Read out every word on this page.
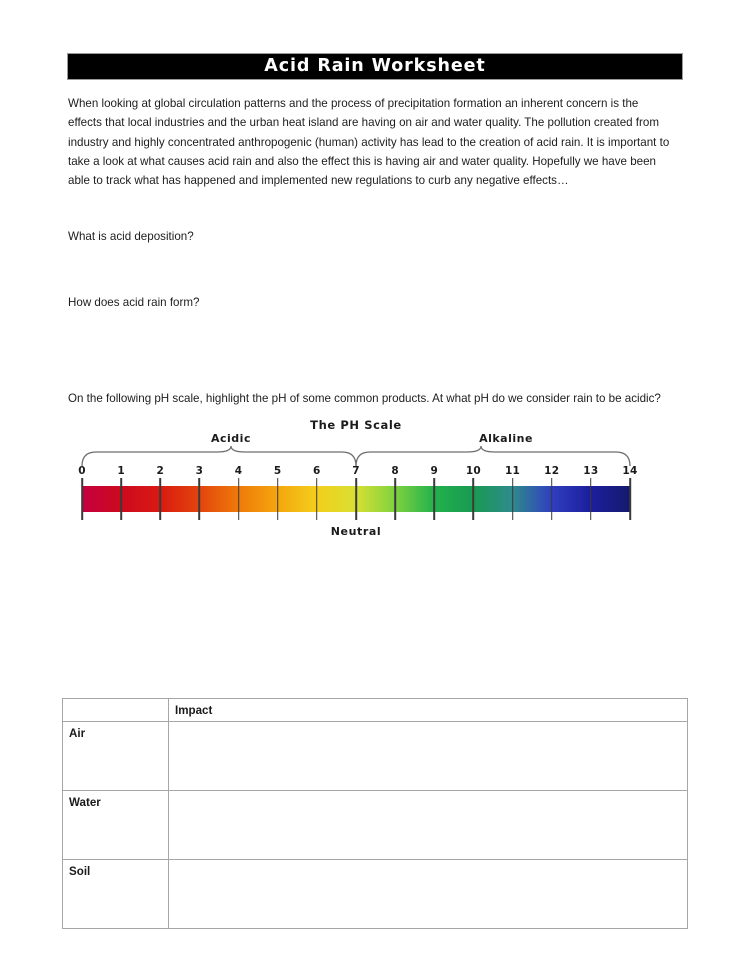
Acid Rain Worksheet
When looking at global circulation patterns and the process of precipitation formation an inherent concern is the effects that local industries and the urban heat island are having on air and water quality. The pollution created from industry and highly concentrated anthropogenic (human) activity has lead to the creation of acid rain. It is important to take a look at what causes acid rain and also the effect this is having air and water quality. Hopefully we have been able to track what has happened and implemented new regulations to curb any negative effects…
What is acid deposition?
How does acid rain form?
On the following pH scale, highlight the pH of some common products. At what pH do we consider rain to be acidic?
The PH Scale
Acidic	Alkaline
0	1	2	3	4	5	6	7	8	9	10 11 12 13 14
Neutral
	Impact
Air	
Water	
Soil	
